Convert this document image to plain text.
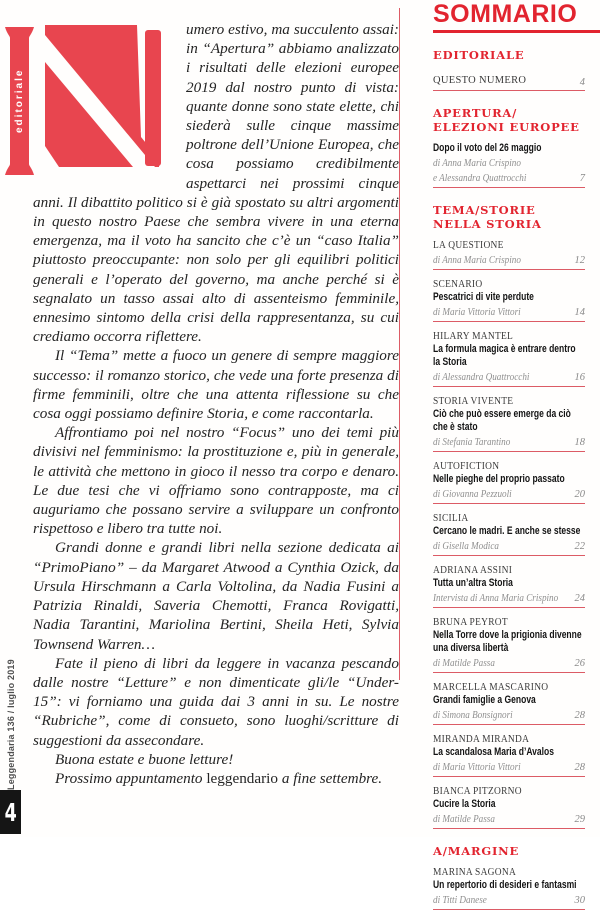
editoriale

umero estivo, ma succulento assai: in “Apertura” abbiamo analizzato i risultati delle elezioni europee 2019 dal nostro punto di vista: quante donne sono state elette, chi siederà sulle cinque massime poltrone dell’Unione Europea, che cosa possiamo credibilmente aspettarci nei prossimi cinque anni. Il dibattito politico si è già spostato su altri argomenti in questo nostro Paese che sembra vivere in una eterna emergenza, ma il voto ha sancito che c’è un “caso Italia” piuttosto preoccupante: non solo per gli equilibri politici generali e l’operato del governo, ma anche perché si è segnalato un tasso assai alto di assenteismo femminile, ennesimo sintomo della crisi della rappresentanza, su cui crediamo occorra riflettere.

Il “Tema” mette a fuoco un genere di sempre maggiore successo: il romanzo storico, che vede una forte presenza di firme femminili, oltre che una attenta riflessione su che cosa oggi possiamo definire Storia, e come raccontarla.

Affrontiamo poi nel nostro “Focus” uno dei temi più divisivi nel femminismo: la prostituzione e, più in generale, le attività che mettono in gioco il nesso tra corpo e denaro. Le due tesi che vi offriamo sono contrapposte, ma ci auguriamo che possano servire a sviluppare un confronto rispettoso e libero tra tutte noi.

Grandi donne e grandi libri nella sezione dedicata ai “PrimoPiano” – da Margaret Atwood a Cynthia Ozick, da Ursula Hirschmann a Carla Voltolina, da Nadia Fusini a Patrizia Rinaldi, Saveria Chemotti, Franca Rovigatti, Nadia Tarantini, Mariolina Bertini, Sheila Heti, Sylvia Townsend Warren…

Fate il pieno di libri da leggere in vacanza pescando dalle nostre “Letture” e non dimenticate gli/le “Under-15”: vi forniamo una guida dai 3 anni in su. Le nostre “Rubriche”, come di consueto, sono luoghi/scritture di suggestioni da assecondare.

Buona estate e buone letture!

Prossimo appuntamento leggendario a fine settembre.

SOMMARIO
EDITORIALE
QUESTO NUMERO	4
APERTURA/ ELEZIONI EUROPEE
Dopo il voto del 26 maggio
di Anna Maria Crispino
e Alessandra Quattrocchi	7
TEMA/STORIE NELLA STORIA
LA QUESTIONE
di Anna Maria Crispino	12
SCENARIO
Pescatrici di vite perdute
di Maria Vittoria Vittori	14
HILARY MANTEL
La formula magica è entrare dentro la Storia
di Alessandra Quattrocchi	16
STORIA VIVENTE
Ciò che può essere emerge da ciò che è stato
di Stefania Tarantino	18
AUTOFICTION
Nelle pieghe del proprio passato
di Giovanna Pezzuoli	20
SICILIA
Cercano le madri. E anche se stesse
di Gisella Modica	22
ADRIANA ASSINI
Tutta un’altra Storia
Intervista di Anna Maria Crispino 24
BRUNA PEYROT
Nella Torre dove la prigionia divenne una diversa libertà
di Matilde Passa	26
MARCELLA MASCARINO
Grandi famiglie a Genova
di Simona Bonsignori	28
MIRANDA MIRANDA
La scandalosa Maria d’Avalos
di Maria Vittoria Vittori	28
BIANCA PITZORNO
Cucire la Storia
di Matilde Passa	29
A/MARGINE
MARINA SAGONA
Un repertorio di desideri e fantasmi
di Titti Danese	30
Leggendaria 136 / luglio 2019
4
